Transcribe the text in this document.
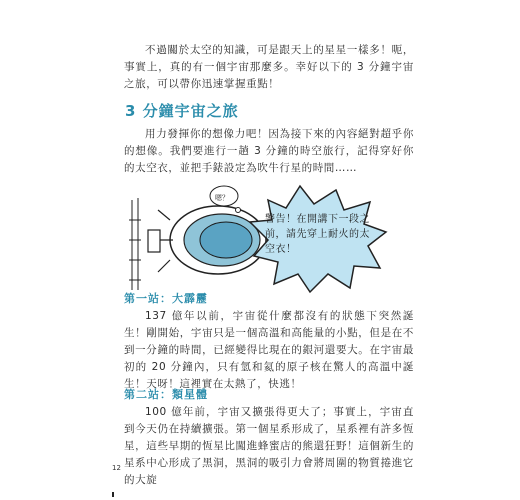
不過關於太空的知識，可是跟天上的星星一樣多！呃，事實上，真的有一個宇宙那麼多。幸好以下的 3 分鐘宇宙之旅，可以帶你迅速掌握重點！

3 分鐘宇宙之旅

用力發揮你的想像力吧！因為接下來的內容絕對超乎你的想像。我們要進行一趟 3 分鐘的時空旅行，記得穿好你的太空衣，並把手錶設定為吹牛行星的時間……

嗯？

警告！在開講下一段之前，請先穿上耐火的太空衣！

第一站：大霹靂

137 億年以前，宇宙從什麼都沒有的狀態下突然誕生！剛開始，宇宙只是一個高溫和高能量的小點，但是在不到一分鐘的時間，已經變得比現在的銀河還要大。在宇宙最初的 20 分鐘內，只有氫和氦的原子核在驚人的高溫中誕生！天呀！這裡實在太熱了，快逃！

第二站：類星體

100 億年前，宇宙又擴張得更大了；事實上，宇宙直到今天仍在持續擴張。第一個星系形成了，星系裡有許多恆星，這些早期的恆星比闖進蜂蜜店的熊還狂野！這個新生的星系中心形成了黑洞，黑洞的吸引力會將周圍的物質捲進它的大旋

12
